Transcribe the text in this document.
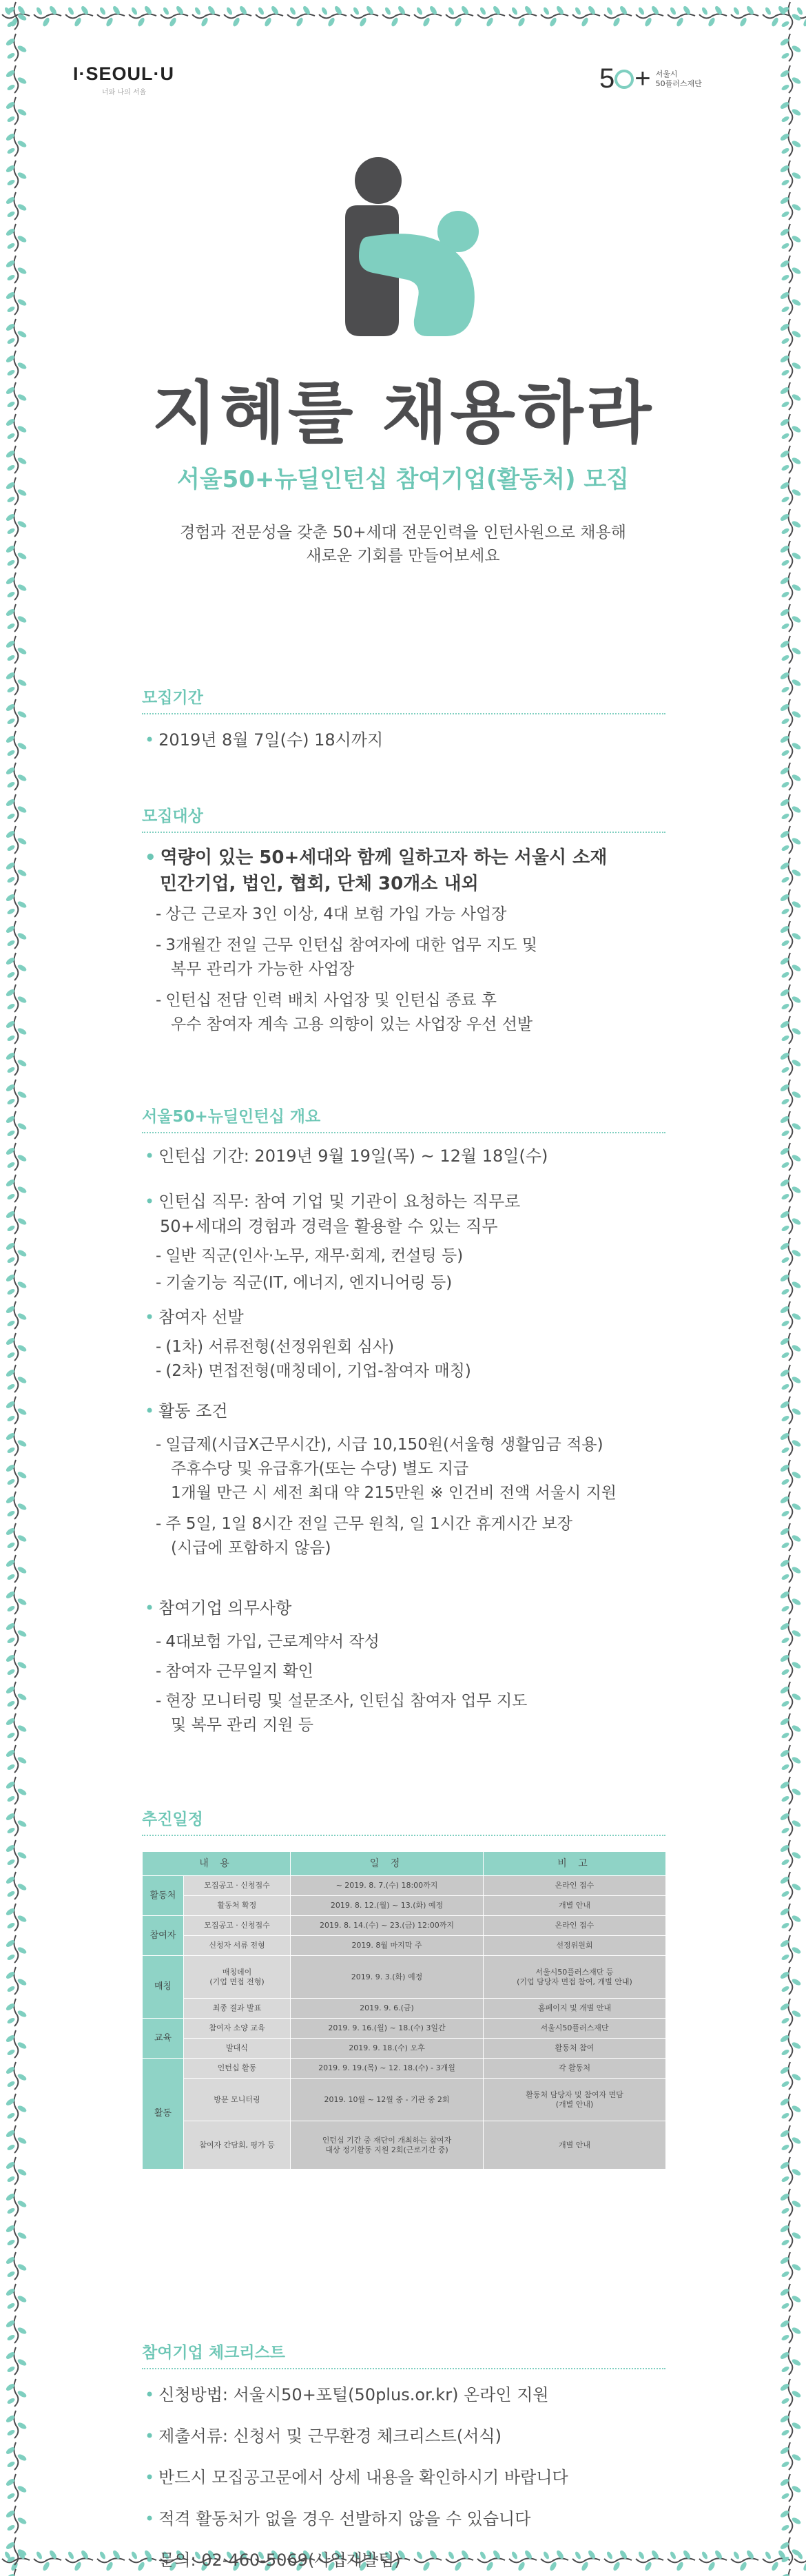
I·SEOUL·U
너와 나의 서울	5 + 서울시
50플러스재단
지혜를 채용하라
서울50+뉴딜인턴십 참여기업(활동처) 모집
경험과 전문성을 갖춘 50+세대 전문인력을 인턴사원으로 채용해
새로운 기회를 만들어보세요
모집기간
• 2019년 8월 7일(수) 18시까지
모집대상
• 역량이 있는 50+세대와 함께 일하고자 하는 서울시 소재
민간기업, 법인, 협회, 단체 30개소 내외
- 상근 근로자 3인 이상, 4대 보험 가입 가능 사업장
- 3개월간 전일 근무 인턴십 참여자에 대한 업무 지도 및
복무 관리가 가능한 사업장
- 인턴십 전담 인력 배치 사업장 및 인턴십 종료 후
우수 참여자 계속 고용 의향이 있는 사업장 우선 선발
서울50+뉴딜인턴십 개요
• 인턴십 기간: 2019년 9월 19일(목) ~ 12월 18일(수)
• 인턴십 직무: 참여 기업 및 기관이 요청하는 직무로
50+세대의 경험과 경력을 활용할 수 있는 직무
- 일반 직군(인사·노무, 재무·회계, 컨설팅 등)
- 기술기능 직군(IT, 에너지, 엔지니어링 등)
• 참여자 선발
- (1차) 서류전형(선정위원회 심사)
- (2차) 면접전형(매칭데이, 기업-참여자 매칭)
• 활동 조건
- 일급제(시급X근무시간), 시급 10,150원(서울형 생활임금 적용)
주휴수당 및 유급휴가(또는 수당) 별도 지급
1개월 만근 시 세전 최대 약 215만원 ※ 인건비 전액 서울시 지원
- 주 5일, 1일 8시간 전일 근무 원칙, 일 1시간 휴게시간 보장
(시급에 포함하지 않음)
• 참여기업 의무사항
- 4대보험 가입, 근로계약서 작성
- 참여자 근무일지 확인
- 현장 모니터링 및 설문조사, 인턴십 참여자 업무 지도
및 복무 관리 지원 등
추진일정
내 용		일 정	비 고
활동처	모집공고 · 신청접수	~ 2019. 8. 7.(수) 18:00까지	온라인 접수
	활동처 확정	2019. 8. 12.(월) ~ 13.(화) 예정	개별 안내
참여자	모집공고 · 신청접수	2019. 8. 14.(수) ~ 23.(금) 12:00까지	온라인 접수
	신청자 서류 전형	2019. 8월 마지막 주	선정위원회
매칭	매칭데이
(기업 면접 전형)	2019. 9. 3.(화) 예정	서울시50플러스재단 등
(기업 담당자 면접 참여, 개별 안내)
	최종 결과 발표	2019. 9. 6.(금)	홈페이지 및 개별 안내
교육	참여자 소양 교육	2019. 9. 16.(월) ~ 18.(수) 3일간	서울시50플러스재단
	발대식	2019. 9. 18.(수) 오후	활동처 참여
활동	인턴십 활동	2019. 9. 19.(목) ~ 12. 18.(수) - 3개월	각 활동처
	방문 모니터링	2019. 10월 ~ 12월 중 - 기관 중 2회	활동처 담당자 및 참여자 면담
(개별 안내)
	참여자 간담회, 평가 등	인턴십 기간 중 재단이 개최하는 참여자
대상 정기활동 지원 2회(근로기간 중)	개별 안내
참여기업 체크리스트
• 신청방법: 서울시50+포털(50plus.or.kr) 온라인 지원
• 제출서류: 신청서 및 근무환경 체크리스트(서식)
• 반드시 모집공고문에서 상세 내용을 확인하시기 바랍니다
• 적격 활동처가 없을 경우 선발하지 않을 수 있습니다
• 문의: 02-460-5069(사업개발팀)
